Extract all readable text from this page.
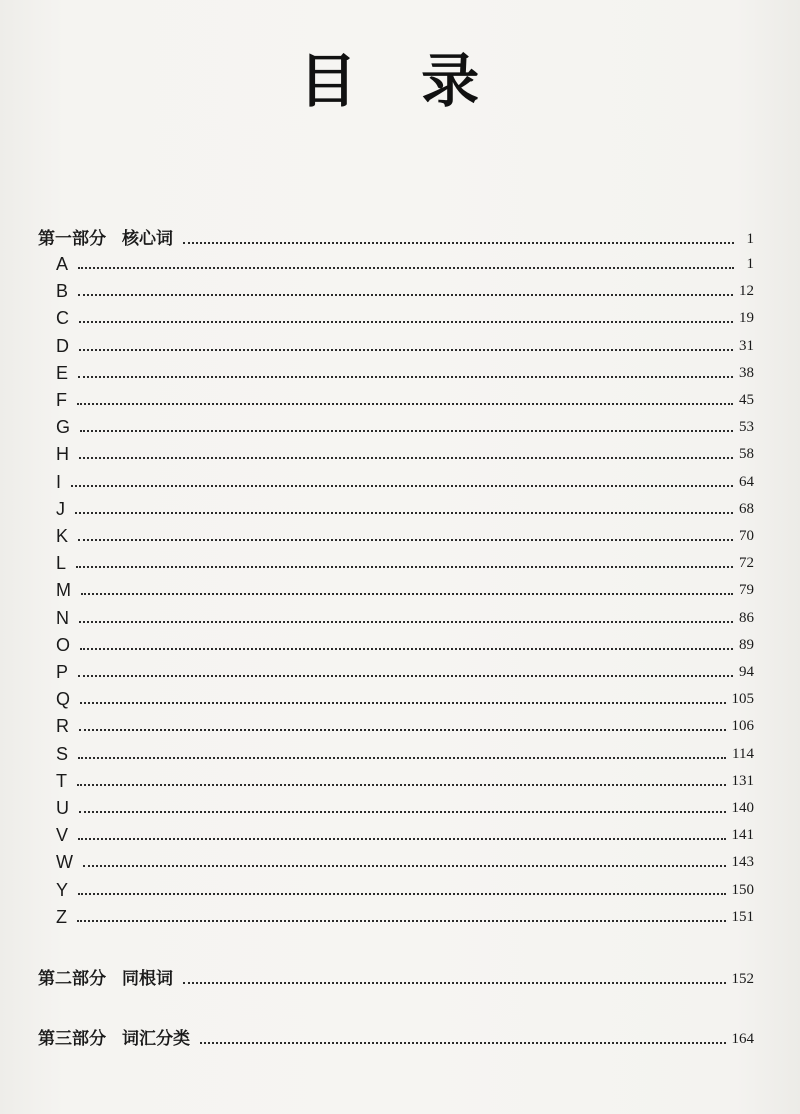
目 录
第一部分 核心词	1
A	1
B	12
C	19
D	31
E	38
F	45
G	53
H	58
I	64
J	68
K	70
L	72
M	79
N	86
O	89
P	94
Q	105
R	106
S	114
T	131
U	140
V	141
W	143
Y	150
Z	151
第二部分 同根词	152
第三部分 词汇分类	164
